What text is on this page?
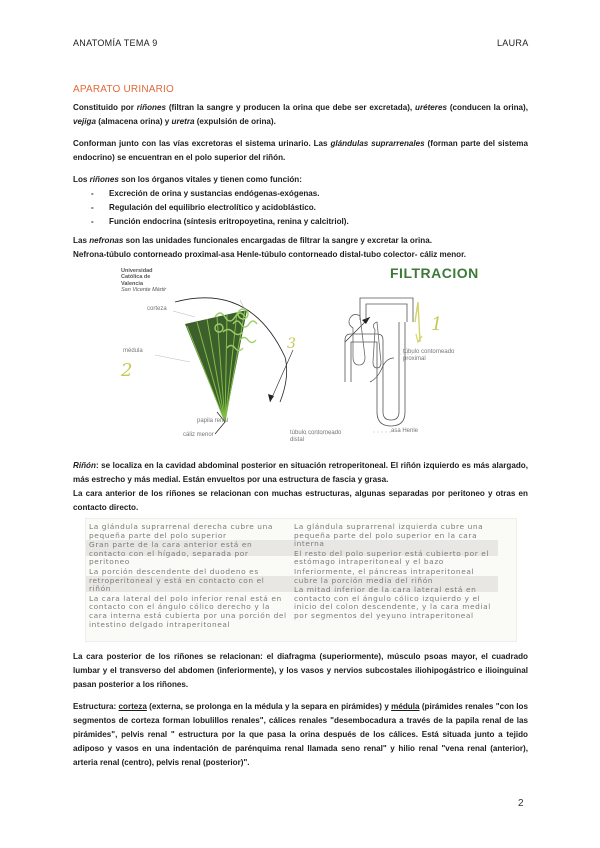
ANATOMÍA TEMA 9	LAURA
APARATO URINARIO
Constituido por riñones (filtran la sangre y producen la orina que debe ser excretada), uréteres (conducen la orina), vejiga (almacena orina) y uretra (expulsión de orina).
Conforman junto con las vías excretoras el sistema urinario. Las glándulas suprarrenales (forman parte del sistema endocrino) se encuentran en el polo superior del riñón.
Los riñones son los órganos vitales y tienen como función:
- Excreción de orina y sustancias endógenas-exógenas.
- Regulación del equilibrio electrolítico y acidoblástico.
- Función endocrina (síntesis eritropoyetina, renina y calcitriol).
Las nefronas son las unidades funcionales encargadas de filtrar la sangre y excretar la orina.
Nefrona-túbulo contorneado proximal-asa Henle-túbulo contorneado distal-tubo colector- cáliz menor.
Universidad
Católica de
Valencia
San Vicente Mártir
FILTRACION
corteza
médula
papila renal
cáliz menor
túbulo contorneado proximal
túbulo contorneado distal
asa Henle
2
3
1
Riñón: se localiza en la cavidad abdominal posterior en situación retroperitoneal. El riñón izquierdo es más alargado, más estrecho y más medial. Están envueltos por una estructura de fascia y grasa.
La cara anterior de los riñones se relacionan con muchas estructuras, algunas separadas por peritoneo y otras en contacto directo.

La glándula suprarrenal derecha cubre una pequeña parte del polo superior

Gran parte de la cara anterior está en contacto con el hígado, separada por peritoneo

La porción descendente del duodeno es retroperitoneal y está en contacto con el riñón

La cara lateral del polo inferior renal está en contacto con el ángulo cólico derecho y la cara interna está cubierta por una porción del intestino delgado intraperitoneal

La glándula suprarrenal izquierda cubre una pequeña parte del polo superior en la cara interna

El resto del polo superior está cubierto por el estómago intraperitoneal y el bazo

Inferiormente, el páncreas intraperitoneal cubre la porción media del riñón

La mitad inferior de la cara lateral está en contacto con el ángulo cólico izquierdo y el inicio del colon descendente, y la cara medial por segmentos del yeyuno intraperitoneal

La cara posterior de los riñones se relacionan: el diafragma (superiormente), músculo psoas mayor, el cuadrado lumbar y el transverso del abdomen (inferiormente), y los vasos y nervios subcostales iliohipogástrico e ilioinguinal pasan posterior a los riñones.
Estructura: corteza (externa, se prolonga en la médula y la separa en pirámides) y médula (pirámides renales "con los segmentos de corteza forman lobulillos renales", cálices renales "desembocadura a través de la papila renal de las pirámides", pelvis renal " estructura por la que pasa la orina después de los cálices. Está situada junto a tejido adiposo y vasos en una indentación de parénquima renal llamada seno renal" y hilio renal "vena renal (anterior), arteria renal (centro), pelvis renal (posterior)".
2
